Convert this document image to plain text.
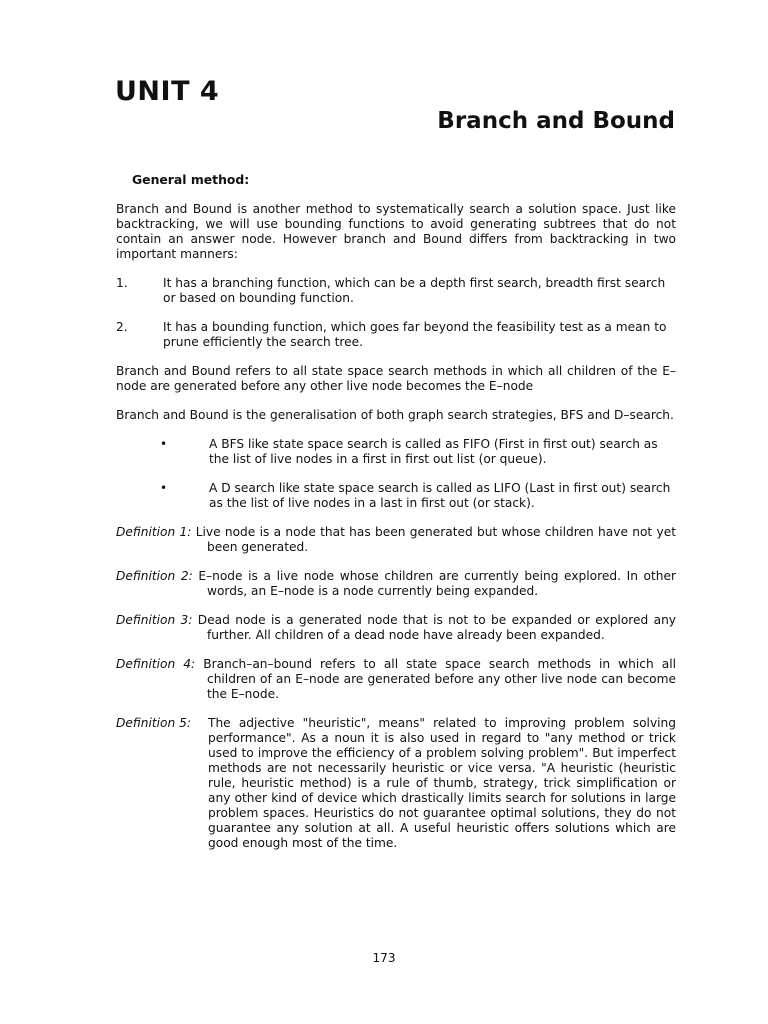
UNIT 4
Branch and Bound
General method:

Branch and Bound is another method to systematically search a solution space. Just like backtracking, we will use bounding functions to avoid generating subtrees that do not contain an answer node. However branch and Bound differs from backtracking in two important manners:

1.	It has a branching function, which can be a depth first search, breadth first search or based on bounding function.
2.	It has a bounding function, which goes far beyond the feasibility test as a mean to prune efficiently the search tree.

Branch and Bound refers to all state space search methods in which all children of the E–node are generated before any other live node becomes the E–node

Branch and Bound is the generalisation of both graph search strategies, BFS and D–search.

•	A BFS like state space search is called as FIFO (First in first out) search as the list of live nodes in a first in first out list (or queue).
•	A D search like state space search is called as LIFO (Last in first out) search as the list of live nodes in a last in first out (or stack).
Definition 1: Live node is a node that has been generated but whose children have not yet been generated.
Definition 2: E–node is a live node whose children are currently being explored. In other words, an E–node is a node currently being expanded.
Definition 3: Dead node is a generated node that is not to be expanded or explored any further. All children of a dead node have already been expanded.
Definition 4: Branch–an–bound refers to all state space search methods in which all children of an E–node are generated before any other live node can become the E–node.
Definition 5:	The adjective "heuristic", means" related to improving problem solving performance". As a noun it is also used in regard to "any method or trick used to improve the efficiency of a problem solving problem". But imperfect methods are not necessarily heuristic or vice versa. "A heuristic (heuristic rule, heuristic method) is a rule of thumb, strategy, trick simplification or any other kind of device which drastically limits search for solutions in large problem spaces. Heuristics do not guarantee optimal solutions, they do not guarantee any solution at all. A useful heuristic offers solutions which are good enough most of the time.
173
